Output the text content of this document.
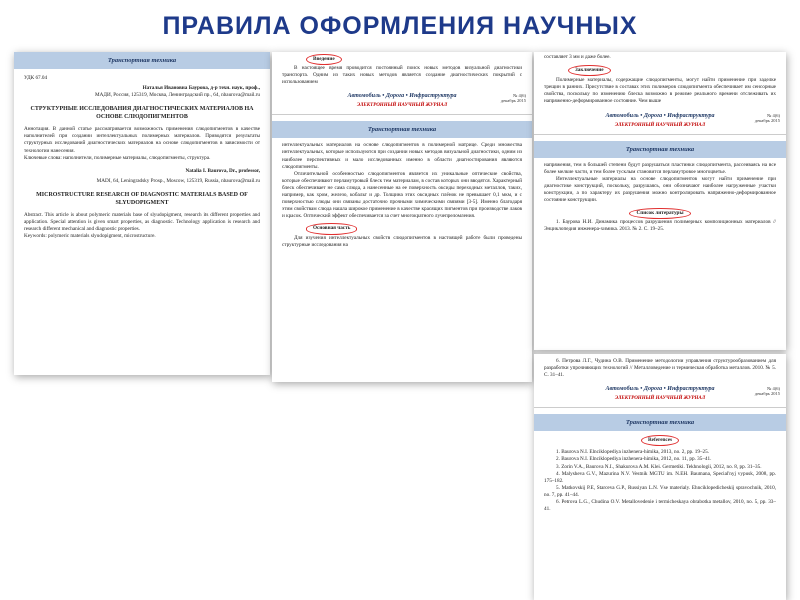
ПРАВИЛА ОФОРМЛЕНИЯ НАУЧНЫХ
Транспортная техника

УДК 67.04

Наталья Ивановна Баурова, д-р техн. наук, проф.,

МАДИ, Россия, 125319, Москва, Ленинградский пр., 64, nbaurova@mail.ru

СТРУКТУРНЫЕ ИССЛЕДОВАНИЯ ДИАГНОСТИЧЕСКИХ МАТЕРИАЛОВ НА ОСНОВЕ СЛЮДОПИГМЕНТОВ

Аннотация. В данной статье рассматривается возможность применения слюдопигментов в качестве наполнителей при создании интеллектуальных полимерных материалов. Приводятся результаты структурных исследований диагностических материалов на основе слюдопигментов в зависимости от технологии нанесения.

Ключевые слова: наполнители, полимерные материалы, слюдопигменты, структура.

Natalia I. Baurova, Dr., professor,

MADI, 64, Leningradsky Prosp., Moscow, 125319, Russia, nbaurova@mail.ru

MICROSTRUCTURE RESEARCH OF DIAGNOSTIC MATERIALS BASED OF SLYUDOPIGMENT

Abstract. This article is about polymeric materials base of slyudopigment, research its different properties and application. Special attention is given smart properties, as diagnostic. Technology application is research and research different mechanical and diagnostic properties.

Keywords: polymeric materials slyudopigment, microstructure.

Введение

В настоящее время проводится постоянный поиск новых методов визуальной диагностики транспорта. Одним из таких новых методов является создание диагностических покрытий с использованием

Автомобиль • Дорога • Инфраструктура
ЭЛЕКТРОННЫЙ НАУЧНЫЙ ЖУРНАЛ
№ 4(6)
декабрь 2015
Транспортная техника

интеллектуальных материалов на основе слюдопигментов в полимерной матрице. Среди множества интеллектуальных, которые используются при создании новых методов визуальной диагностики, одним из наиболее перспективных и мало исследованных именно в области диагностирования являются слюдопигменты.

Отличительной особенностью слюдопигментов является их уникальные оптические свойства, которые обеспечивают перламутровый блеск тем материалам, в состав которых они вводятся. Характерный блеск обеспечивает не сама слюда, а нанесенные на ее поверхность оксиды переходных металлов, таких, например, как хром, железо, кобальт и др. Толщина этих оксидных плёнок не превышает 0,1 мкм, и с поверхностью слюды они связаны достаточно прочными химическими связями [3-5]. Именно благодаря этим свойствам слюда нашла широкое применение в качестве красящих пигментов при производстве лаков и красок. Оптический эффект обеспечивается за счет многократного лучепреломления.

Основная часть

Для изучения интеллектуальных свойств слюдопигментов в настоящей работе были проведены структурные исследования на

составляет 3 мм и даже более.

Заключение

Полимерные материалы, содержащие слюдопигменты, могут найти применение при заделке трещин в ранних. Присутствие в составах этих полимеров слюдопигмента обеспечивает им сенсорные свойства, поскольку по изменению блеска возможно в режиме реального времени отслеживать их напряженно-деформированное состояние. Чем выше

Автомобиль • Дорога • Инфраструктура
ЭЛЕКТРОННЫЙ НАУЧНЫЙ ЖУРНАЛ
№ 4(6)
декабрь 2015
Транспортная техника

напряжения, тем в большей степени будут разрушаться пластинки слюдопигмента, рассеиваясь на все более мелкие части, и тем более тусклым становится перламутровое многоцветье.

Интеллектуальные материалы на основе слюдопигментов могут найти применение при диагностике конструкций, поскольку, разрушаясь, они обозначают наиболее нагруженные участки конструкции, а по характеру их разрушения можно контролировать напряженно-деформированное состояние конструкции.

Список литературы

1. Баурова Н.И. Динамика процессов разрушения полимерных композиционных материалов // Энциклопедия инженера-химика. 2013. № 2. С. 19–25.

6. Петрова Л.Г., Чудина О.В. Применение методологии управления структурообразованием для разработки упрочняющих технологий // Металловедение и термическая обработка металлов. 2010. № 5. С. 31–41.

Автомобиль • Дорога • Инфраструктура
ЭЛЕКТРОННЫЙ НАУЧНЫЙ ЖУРНАЛ
№ 4(6)
декабрь 2015
Транспортная техника

References

1. Baurova N.I. Elnciklopediya inzhenera-himika, 2013, no. 2, pp. 19–25.

2. Baurova N.I. Elnciklopediya inzhenera-himika, 2012, no. 11, pp. 35–41.

3. Zorin V.A., Baurova N.I., Shakurova A.M. Klei. Germetiki. Tekhnologii, 2012, no. 8, pp. 31–35.

4. Malysheva G.V., Mazurina N.V. Vestnik MGTU im. N.EH. Baumana, Special'nyj vypusk, 2008, pp. 175–182.

5. Matkovskij P.E, Starceva G.P., Russiyan L.N. Vse materialy. Ehnciklopedicheskij spravochnik, 2010, no. 7, pp. 41–44.

6. Petrova L.G., Chudina O.V. Metallovedenie i termicheskaya obrabotka metallov, 2010, no. 5, pp. 33–41.
